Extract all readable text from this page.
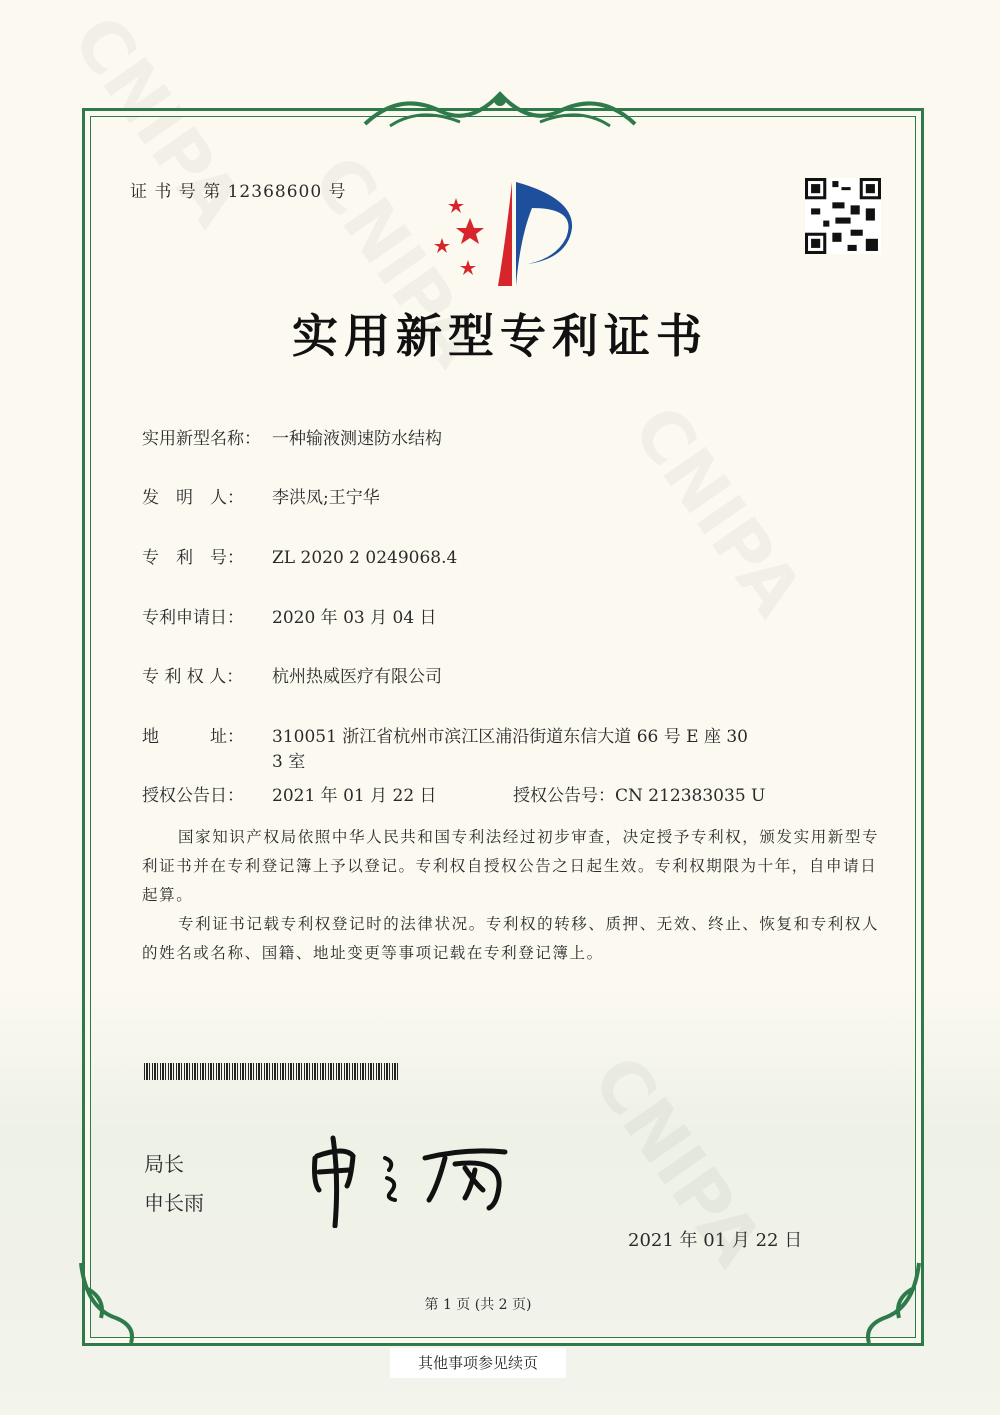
证 书 号 第 12368600 号
实用新型专利证书
实用新型名称： 一种输液测速防水结构
发　明　人： 李洪凤;王宁华
专　利　号： ZL 2020 2 0249068.4
专利申请日： 2020 年 03 月 04 日
专 利 权 人： 杭州热威医疗有限公司
地　　　址： 310051 浙江省杭州市滨江区浦沿街道东信大道 66 号 E 座 30
3 室
授权公告日： 2021 年 01 月 22 日	授权公告号：CN 212383035 U
国家知识产权局依照中华人民共和国专利法经过初步审查，决定授予专利权，颁发实用新型专利证书并在专利登记簿上予以登记。专利权自授权公告之日起生效。专利权期限为十年，自申请日起算。
专利证书记载专利权登记时的法律状况。专利权的转移、质押、无效、终止、恢复和专利权人的姓名或名称、国籍、地址变更等事项记载在专利登记簿上。
局长
申长雨
2021 年 01 月 22 日
第 1 页 (共 2 页)
其他事项参见续页
